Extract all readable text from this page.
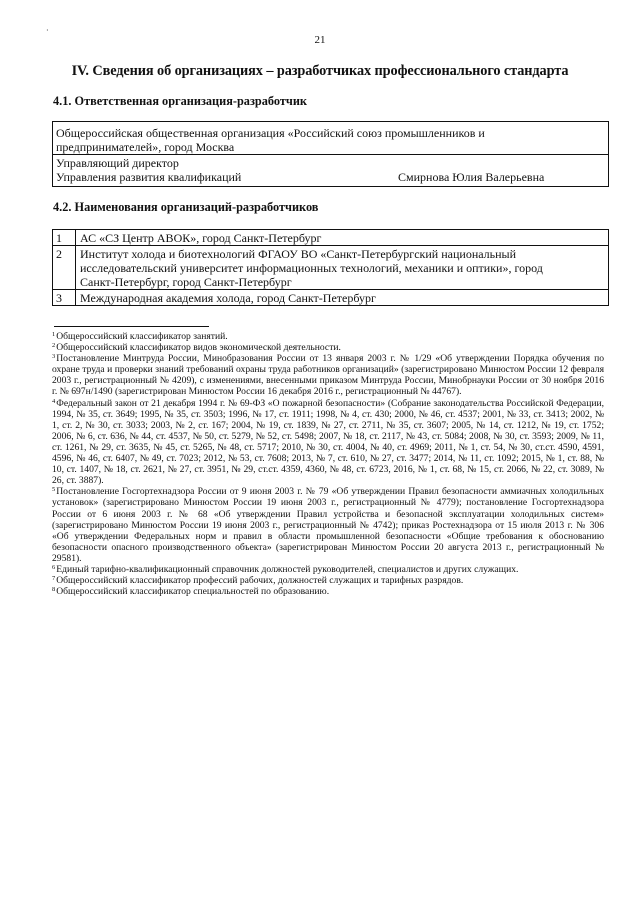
·
21
IV. Сведения об организациях – разработчиках профессионального стандарта
4.1. Ответственная организация-разработчик
Общероссийская общественная организация «Российский союз промышленников и
предпринимателей», город Москва
Управляющий директор
Управления развития квалификаций	Смирнова Юлия Валерьевна
4.2. Наименования организаций-разработчиков
1 АС «СЗ Центр АВОК», город Санкт-Петербург
2 Институт холода и биотехнологий ФГАОУ ВО «Санкт-Петербургский национальный
исследовательский университет информационных технологий, механики и оптики», город
Санкт-Петербург, город Санкт-Петербург
3 Международная академия холода, город Санкт-Петербург
$^1$Общероссийский классификатор занятий.
$^2$Общероссийский классификатор видов экономической деятельности.
$^3$Постановление Минтруда России, Минобразования России от 13 января 2003 г. № 1/29 «Об утверждении Порядка обучения по охране труда и проверки знаний требований охраны труда работников организаций» (зарегистрировано Минюстом России 12 февраля 2003 г., регистрационный № 4209), с изменениями, внесенными приказом Минтруда России, Минобрнауки России от 30 ноября 2016 г. № 697н/1490 (зарегистрирован Минюстом России 16 декабря 2016 г., регистрационный № 44767).
$^4$Федеральный закон от 21 декабря 1994 г. № 69-ФЗ «О пожарной безопасности» (Собрание законодательства Российской Федерации, 1994, № 35, ст. 3649; 1995, № 35, ст. 3503; 1996, № 17, ст. 1911; 1998, № 4, ст. 430; 2000, № 46, ст. 4537; 2001, № 33, ст. 3413; 2002, № 1, ст. 2, № 30, ст. 3033; 2003, № 2, ст. 167; 2004, № 19, ст. 1839, № 27, ст. 2711, № 35, ст. 3607; 2005, № 14, ст. 1212, № 19, ст. 1752; 2006, № 6, ст. 636, № 44, ст. 4537, № 50, ст. 5279, № 52, ст. 5498; 2007, № 18, ст. 2117, № 43, ст. 5084; 2008, № 30, ст. 3593; 2009, № 11, ст. 1261, № 29, ст. 3635, № 45, ст. 5265, № 48, ст. 5717; 2010, № 30, ст. 4004, № 40, ст. 4969; 2011, № 1, ст. 54, № 30, ст.ст. 4590, 4591, 4596, № 46, ст. 6407, № 49, ст. 7023; 2012, № 53, ст. 7608; 2013, № 7, ст. 610, № 27, ст. 3477; 2014, № 11, ст. 1092; 2015, № 1, ст. 88, № 10, ст. 1407, № 18, ст. 2621, № 27, ст. 3951, № 29, ст.ст. 4359, 4360, № 48, ст. 6723, 2016, № 1, ст. 68, № 15, ст. 2066, № 22, ст. 3089, № 26, ст. 3887).
$^5$Постановление Госгортехнадзора России от 9 июня 2003 г. № 79 «Об утверждении Правил безопасности аммиачных холодильных установок» (зарегистрировано Минюстом России 19 июня 2003 г., регистрационный № 4779); постановление Госгортехнадзора России от 6 июня 2003 г. № 68 «Об утверждении Правил устройства и безопасной эксплуатации холодильных систем» (зарегистрировано Минюстом России 19 июня 2003 г., регистрационный № 4742); приказ Ростехнадзора от 15 июля 2013 г. № 306 «Об утверждении Федеральных норм и правил в области промышленной безопасности «Общие требования к обоснованию безопасности опасного производственного объекта» (зарегистрирован Минюстом России 20 августа 2013 г., регистрационный № 29581).
$^6$Единый тарифно-квалификационный справочник должностей руководителей, специалистов и других служащих.
$^7$Общероссийский классификатор профессий рабочих, должностей служащих и тарифных разрядов.
$^8$Общероссийский классификатор специальностей по образованию.
